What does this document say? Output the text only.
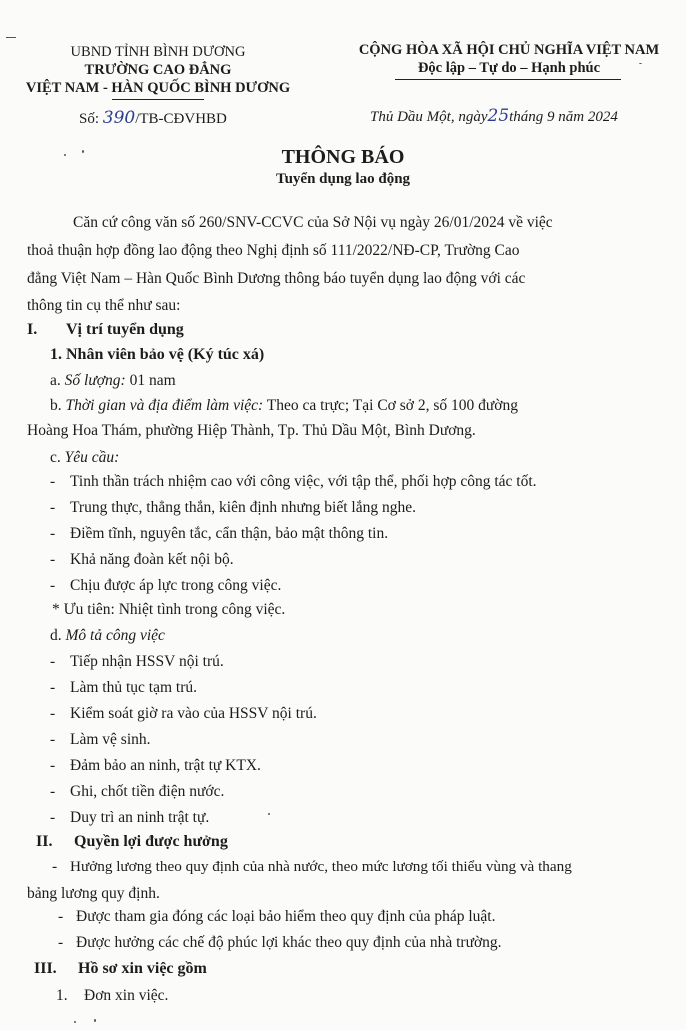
UBND TỈNH BÌNH DƯƠNG
TRƯỜNG CAO ĐẲNG
VIỆT NAM - HÀN QUỐC BÌNH DƯƠNG
Số: 390/TB-CĐVHBD
CỘNG HÒA XÃ HỘI CHỦ NGHĨA VIỆT NAM
Độc lập – Tự do – Hạnh phúc
Thủ Dầu Một, ngày25tháng 9 năm 2024
THÔNG BÁO
Tuyển dụng lao động
Căn cứ công văn số 260/SNV-CCVC của Sở Nội vụ ngày 26/01/2024 về việc
thoả thuận hợp đồng lao động theo Nghị định số 111/2022/NĐ-CP, Trường Cao
đẳng Việt Nam – Hàn Quốc Bình Dương thông báo tuyển dụng lao động với các
thông tin cụ thể như sau:
I. Vị trí tuyển dụng
1. Nhân viên bảo vệ (Ký túc xá)
a. Số lượng: 01 nam
b. Thời gian và địa điểm làm việc: Theo ca trực; Tại Cơ sở 2, số 100 đường
Hoàng Hoa Thám, phường Hiệp Thành, Tp. Thủ Dầu Một, Bình Dương.
c. Yêu cầu:
- Tinh thần trách nhiệm cao với công việc, với tập thể, phối hợp công tác tốt.
- Trung thực, thẳng thắn, kiên định nhưng biết lắng nghe.
- Điềm tĩnh, nguyên tắc, cẩn thận, bảo mật thông tin.
- Khả năng đoàn kết nội bộ.
- Chịu được áp lực trong công việc.
* Ưu tiên: Nhiệt tình trong công việc.
d. Mô tả công việc
- Tiếp nhận HSSV nội trú.
- Làm thủ tục tạm trú.
- Kiểm soát giờ ra vào của HSSV nội trú.
- Làm vệ sinh.
- Đảm bảo an ninh, trật tự KTX.
- Ghi, chốt tiền điện nước.
- Duy trì an ninh trật tự.
II. Quyền lợi được hưởng
- Hưởng lương theo quy định của nhà nước, theo mức lương tối thiểu vùng và thang
bảng lương quy định.
- Được tham gia đóng các loại bảo hiểm theo quy định của pháp luật.
- Được hưởng các chế độ phúc lợi khác theo quy định của nhà trường.
III. Hồ sơ xin việc gồm
1. Đơn xin việc.
